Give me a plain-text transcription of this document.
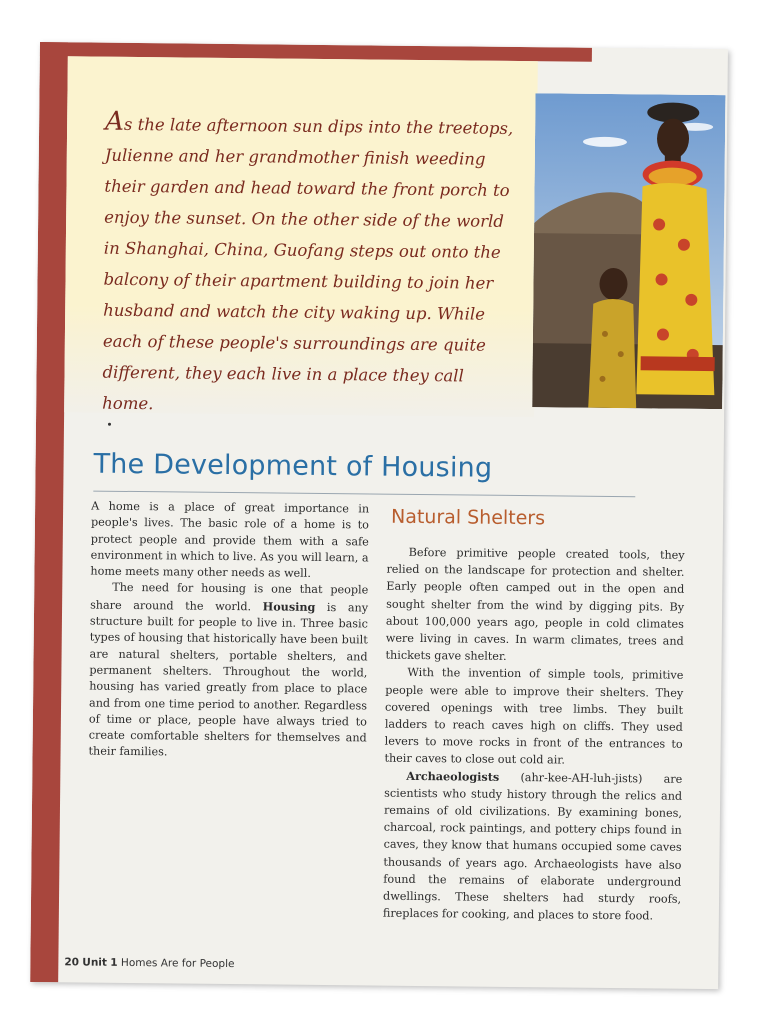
As the late afternoon sun dips into the treetops, Julienne and her grandmother finish weeding their garden and head toward the front porch to enjoy the sunset. On the other side of the world in Shanghai, China, Guofang steps out onto the balcony of their apartment building to join her husband and watch the city waking up. While each of these people's surroundings are quite different, they each live in a place they call home.
The Development of Housing

A home is a place of great importance in people's lives. The basic role of a home is to protect people and provide them with a safe environment in which to live. As you will learn, a home meets many other needs as well.

The need for housing is one that people share around the world. Housing is any structure built for people to live in. Three basic types of housing that historically have been built are natural shelters, portable shelters, and permanent shelters. Throughout the world, housing has varied greatly from place to place and from one time period to another. Regardless of time or place, people have always tried to create comfortable shelters for themselves and their families.

Natural Shelters

Before primitive people created tools, they relied on the landscape for protection and shelter. Early people often camped out in the open and sought shelter from the wind by digging pits. By about 100,000 years ago, people in cold climates were living in caves. In warm climates, trees and thickets gave shelter.

With the invention of simple tools, primitive people were able to improve their shelters. They covered openings with tree limbs. They built ladders to reach caves high on cliffs. They used levers to move rocks in front of the entrances to their caves to close out cold air.

Archaeologists (ahr-kee-AH-luh-jists) are scientists who study history through the relics and remains of old civilizations. By examining bones, charcoal, rock paintings, and pottery chips found in caves, they know that humans occupied some caves thousands of years ago. Archaeologists have also found the remains of elaborate underground dwellings. These shelters had sturdy roofs, fireplaces for cooking, and places to store food.

20 Unit 1 Homes Are for People
